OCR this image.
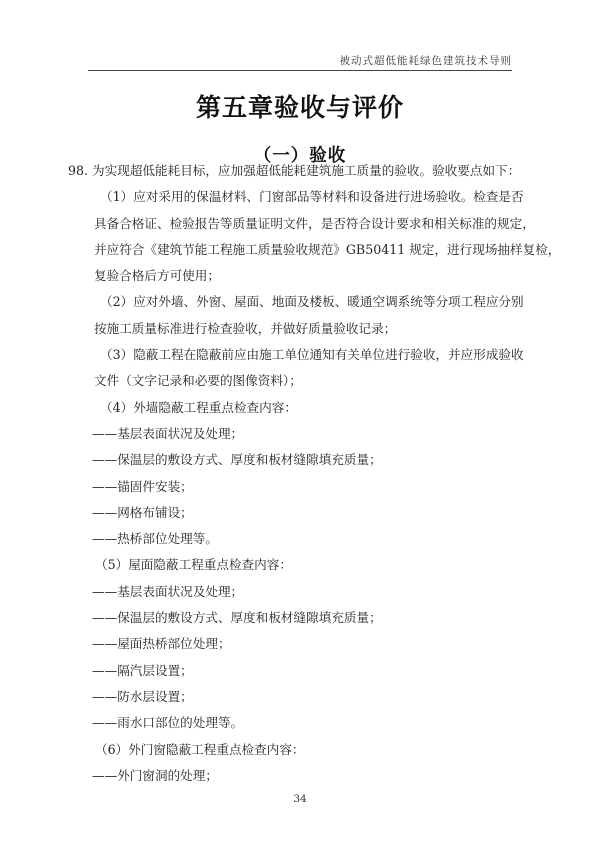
被动式超低能耗绿色建筑技术导则
第五章验收与评价
（一）验收
98. 为实现超低能耗目标，应加强超低能耗建筑施工质量的验收。验收要点如下：
（1）应对采用的保温材料、门窗部品等材料和设备进行进场验收。检查是否
具备合格证、检验报告等质量证明文件，是否符合设计要求和相关标准的规定，
并应符合《建筑节能工程施工质量验收规范》GB50411 规定，进行现场抽样复检，
复验合格后方可使用；
（2）应对外墙、外窗、屋面、地面及楼板、暖通空调系统等分项工程应分别
按施工质量标准进行检查验收，并做好质量验收记录；
（3）隐蔽工程在隐蔽前应由施工单位通知有关单位进行验收，并应形成验收
文件（文字记录和必要的图像资料）；
（4）外墙隐蔽工程重点检查内容：
——基层表面状况及处理；
——保温层的敷设方式、厚度和板材缝隙填充质量；
——锚固件安装；
——网格布铺设；
——热桥部位处理等。
（5）屋面隐蔽工程重点检查内容：
——基层表面状况及处理；
——保温层的敷设方式、厚度和板材缝隙填充质量；
——屋面热桥部位处理；
——隔汽层设置；
——防水层设置；
——雨水口部位的处理等。
（6）外门窗隐蔽工程重点检查内容：
——外门窗洞的处理；
34
